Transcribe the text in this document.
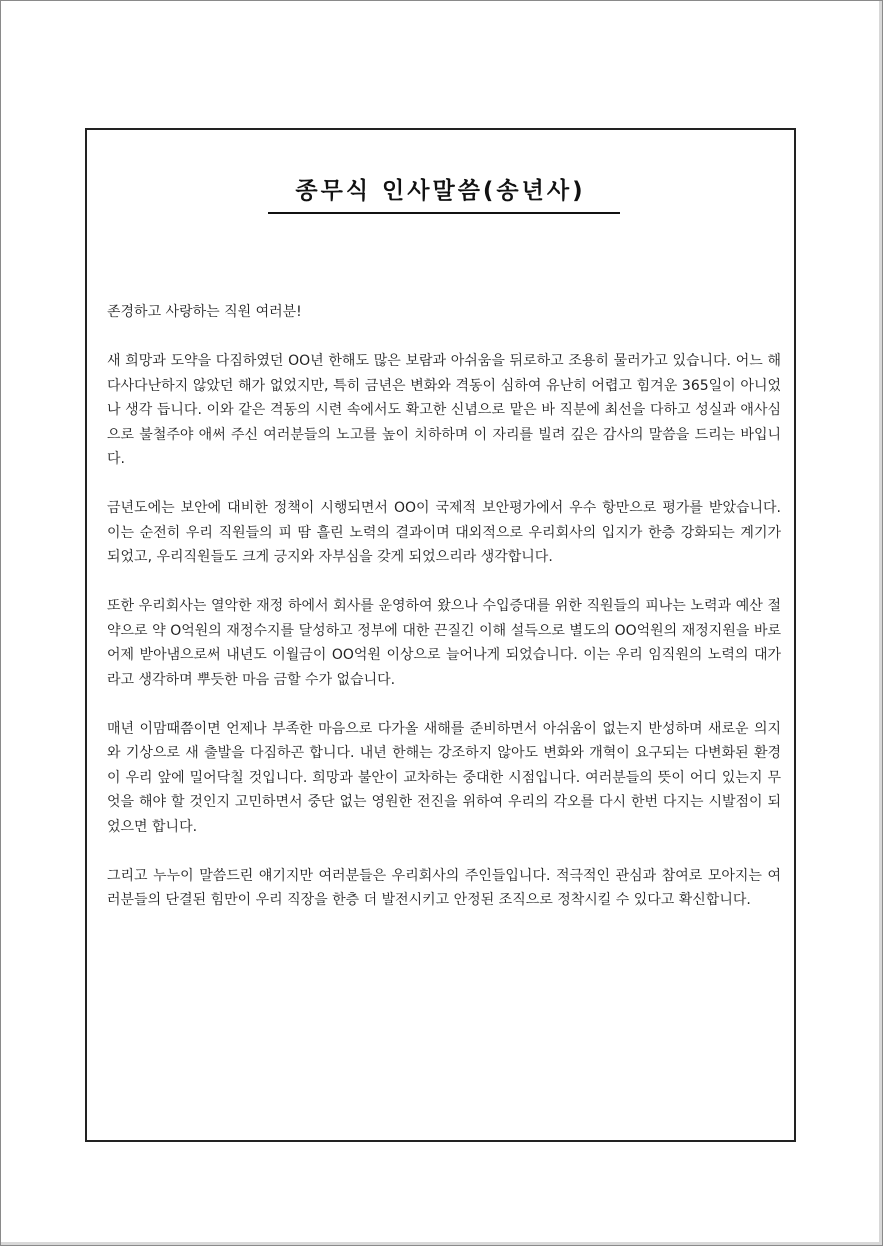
종무식 인사말씀(송년사)

존경하고 사랑하는 직원 여러분!

새 희망과 도약을 다짐하였던 OO년 한해도 많은 보람과 아쉬움을 뒤로하고 조용히 물러가고 있습니다. 어느 해 다사다난하지 않았던 해가 없었지만, 특히 금년은 변화와 격동이 심하여 유난히 어렵고 힘겨운 365일이 아니었나 생각 듭니다. 이와 같은 격동의 시련 속에서도 확고한 신념으로 맡은 바 직분에 최선을 다하고 성실과 애사심으로 불철주야 애써 주신 여러분들의 노고를 높이 치하하며 이 자리를 빌려 깊은 감사의 말씀을 드리는 바입니다.

금년도에는 보안에 대비한 정책이 시행되면서 OO이 국제적 보안평가에서 우수 항만으로 평가를 받았습니다. 이는 순전히 우리 직원들의 피 땀 흘린 노력의 결과이며 대외적으로 우리회사의 입지가 한층 강화되는 계기가 되었고, 우리직원들도 크게 긍지와 자부심을 갖게 되었으리라 생각합니다.

또한 우리회사는 열악한 재정 하에서 회사를 운영하여 왔으나 수입증대를 위한 직원들의 피나는 노력과 예산 절약으로 약 O억원의 재정수지를 달성하고 정부에 대한 끈질긴 이해 설득으로 별도의 OO억원의 재정지원을 바로 어제 받아냄으로써 내년도 이월금이 OO억원 이상으로 늘어나게 되었습니다. 이는 우리 임직원의 노력의 대가라고 생각하며 뿌듯한 마음 금할 수가 없습니다.

매년 이맘때쯤이면 언제나 부족한 마음으로 다가올 새해를 준비하면서 아쉬움이 없는지 반성하며 새로운 의지와 기상으로 새 출발을 다짐하곤 합니다. 내년 한해는 강조하지 않아도 변화와 개혁이 요구되는 다변화된 환경이 우리 앞에 밀어닥칠 것입니다. 희망과 불안이 교차하는 중대한 시점입니다. 여러분들의 뜻이 어디 있는지 무엇을 해야 할 것인지 고민하면서 중단 없는 영원한 전진을 위하여 우리의 각오를 다시 한번 다지는 시발점이 되었으면 합니다.

그리고 누누이 말씀드린 얘기지만 여러분들은 우리회사의 주인들입니다. 적극적인 관심과 참여로 모아지는 여러분들의 단결된 힘만이 우리 직장을 한층 더 발전시키고 안정된 조직으로 정착시킬 수 있다고 확신합니다.
